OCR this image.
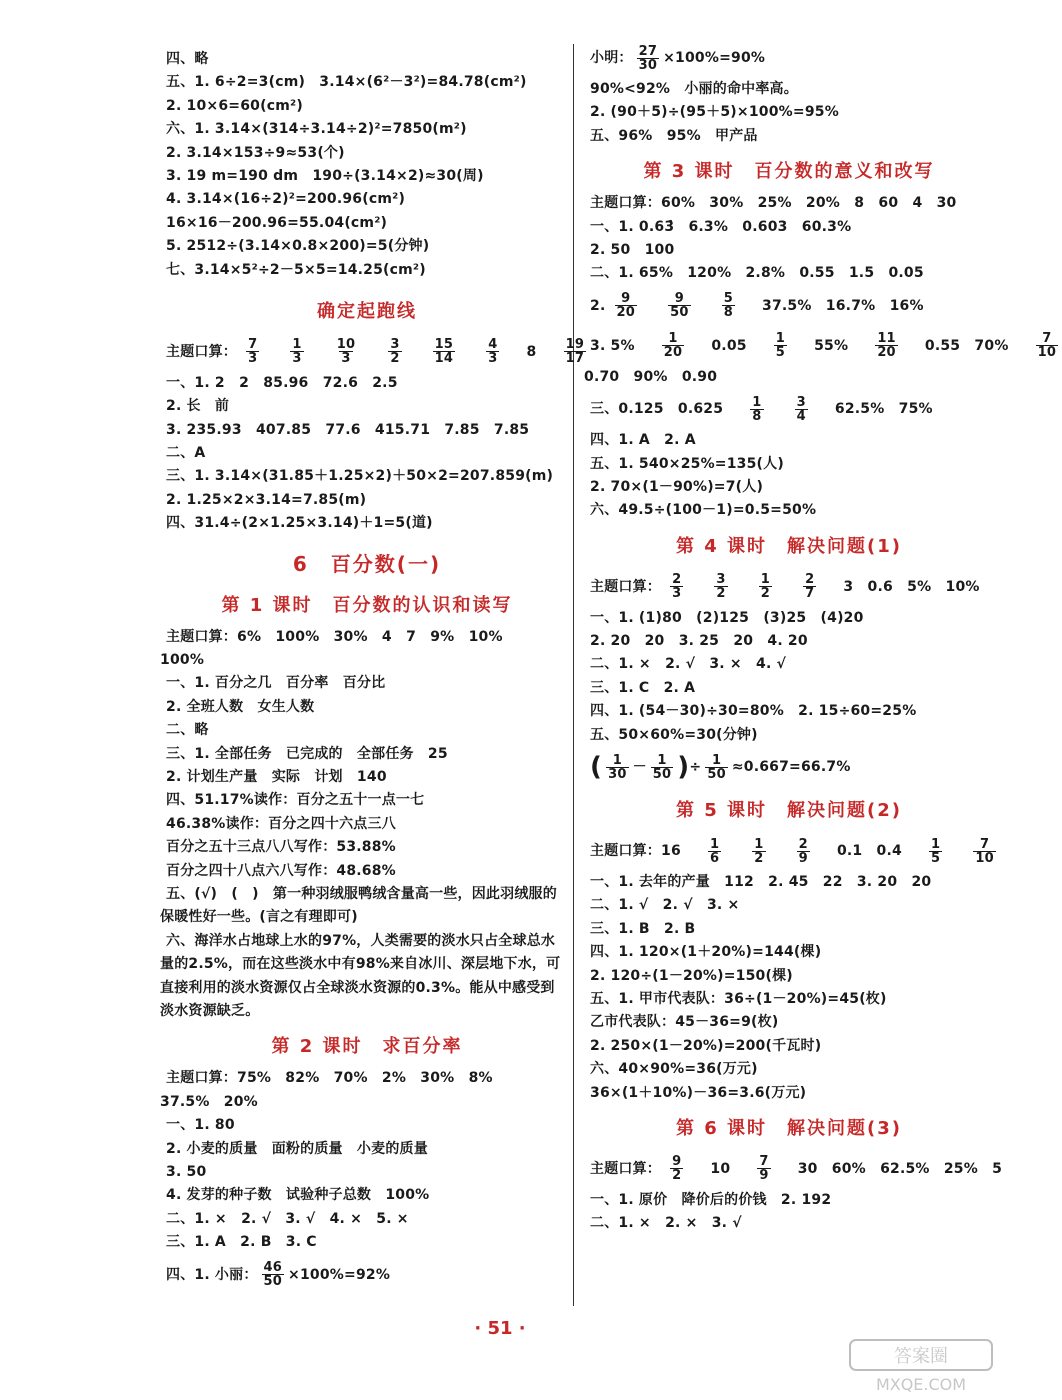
四、略
五、1. 6÷2=3(cm)　3.14×(6²－3²)=84.78(cm²)
2. 10×6=60(cm²)
六、1. 3.14×(314÷3.14÷2)²=7850(m²)
2. 3.14×153÷9≈53(个)
3. 19 m=190 dm　190÷(3.14×2)≈30(周)
4. 3.14×(16÷2)²=200.96(cm²)
16×16－200.96=55.04(cm²)
5. 2512÷(3.14×0.8×200)=5(分钟)
七、3.14×5²÷2－5×5=14.25(cm²)
确定起跑线
主题口算： $\frac{7}{3}$
$\frac{1}{3}$
$\frac{10}{3}$
$\frac{3}{2}$
$\frac{15}{14}$
$\frac{4}{3} 8 \frac{19}{17}$
一、1. 2　2　85.96　72.6　2.5
2. 长　前
3. 235.93　407.85　77.6　415.71　7.85　7.85
二、A
三、1. 3.14×(31.85＋1.25×2)＋50×2=207.859(m)
2. 1.25×2×3.14=7.85(m)
四、31.4÷(2×1.25×3.14)＋1=5(道)
6　百分数(一)
第 1 课时　百分数的认识和读写
主题口算：6%　100%　30%　4　7　9%　10%
100%
一、1. 百分之几　百分率　百分比
2. 全班人数　女生人数
二、略
三、1. 全部任务　已完成的　全部任务　25
2. 计划生产量　实际　计划　140
四、51.17%读作：百分之五十一点一七
46.38%读作：百分之四十六点三八
百分之五十三点八八写作：53.88%
百分之四十八点六八写作：48.68%
五、(√)　(　)　第一种羽绒服鸭绒含量高一些，因此羽绒服的保暖性好一些。(言之有理即可)
六、海洋水占地球上水的97%，人类需要的淡水只占全球总水量的2.5%，而在这些淡水中有98%来自冰川、深层地下水，可直接利用的淡水资源仅占全球淡水资源的0.3%。能从中感受到淡水资源缺乏。
第 2 课时　求百分率
主题口算：75%　82%　70%　2%　30%　8%
37.5%　20%
一、1. 80
2. 小麦的质量　面粉的质量　小麦的质量
3. 50
4. 发芽的种子数　试验种子总数　100%
二、1. ×　2. √　3. √　4. ×　5. ×
三、1. A　2. B　3. C
四、1. 小丽： $\frac{46}{50} \times 100\%=92\%$
小明： $\frac{27}{30} \times 100\%=90\%$
90%<92%　小丽的命中率高。
2. (90＋5)÷(95＋5)×100%=95%
五、96%　95%　甲产品
第 3 课时　百分数的意义和改写
主题口算：60%　30%　25%　20%　8　60　4　30
一、1. 0.63̇　6.3%　0.603　60.3%
2. 50　100
二、1. 65%　120%　2.8%　0.55　1.5　0.05
2. $\frac{9}{20}$
$\frac{9}{50}$
$\frac{5}{8} 37.5\%$　16.7%　16%
3. $5\% \frac{1}{20} 0.05 \frac{1}{5} 55\% \frac{11}{20} 0.55$　$70\% \frac{7}{10}$
0.70　90%　0.90
三、0.125　$0.625 \frac{1}{8}$
$\frac{3}{4} 62.5\%$　75%
四、1. A　2. A
五、1. 540×25%=135(人)
2. 70×(1－90%)=7(人)
六、49.5÷(100－1)=0.5=50%
第 4 课时　解决问题(1)
主题口算： $\frac{2}{3}$
$\frac{3}{2}$
$\frac{1}{2}$
$\frac{2}{7} 3$　0.6　5%　10%
一、1. (1)80　(2)125　(3)25　(4)20
2. 20　20　3. 25　20　4. 20
二、1. ×　2. √　3. ×　4. √
三、1. C　2. A
四、1. (54－30)÷30=80%　2. 15÷60=25%
五、50×60%=30(分钟)
( $\frac{1}{30} - \frac{1}{50}$ )÷ $\frac{1}{50} \approx 0.667=66.7\%$
第 5 课时　解决问题(2)
主题口算：$16 \frac{1}{6}$
$\frac{1}{2}$
$\frac{2}{9} 0.1$　$0.4 \frac{1}{5}$
$\frac{7}{10}$
一、1. 去年的产量　112　2. 45　22　3. 20　20
二、1. √　2. √　3. ×
三、1. B　2. B
四、1. 120×(1＋20%)=144(棵)
2. 120÷(1－20%)=150(棵)
五、1. 甲市代表队：36÷(1－20%)=45(枚)
乙市代表队：45－36=9(枚)
2. 250×(1－20%)=200(千瓦时)
六、40×90%=36(万元)
36×(1＋10%)－36=3.6(万元)
第 6 课时　解决问题(3)
主题口算： $\frac{9}{2} 10 \frac{7}{9} 30$　60%　62.5%　25%　5
一、1. 原价　降价后的价钱　2. 192
二、1. ×　2. ×　3. √
· 51 ·
答案圈
MXQE.COM
